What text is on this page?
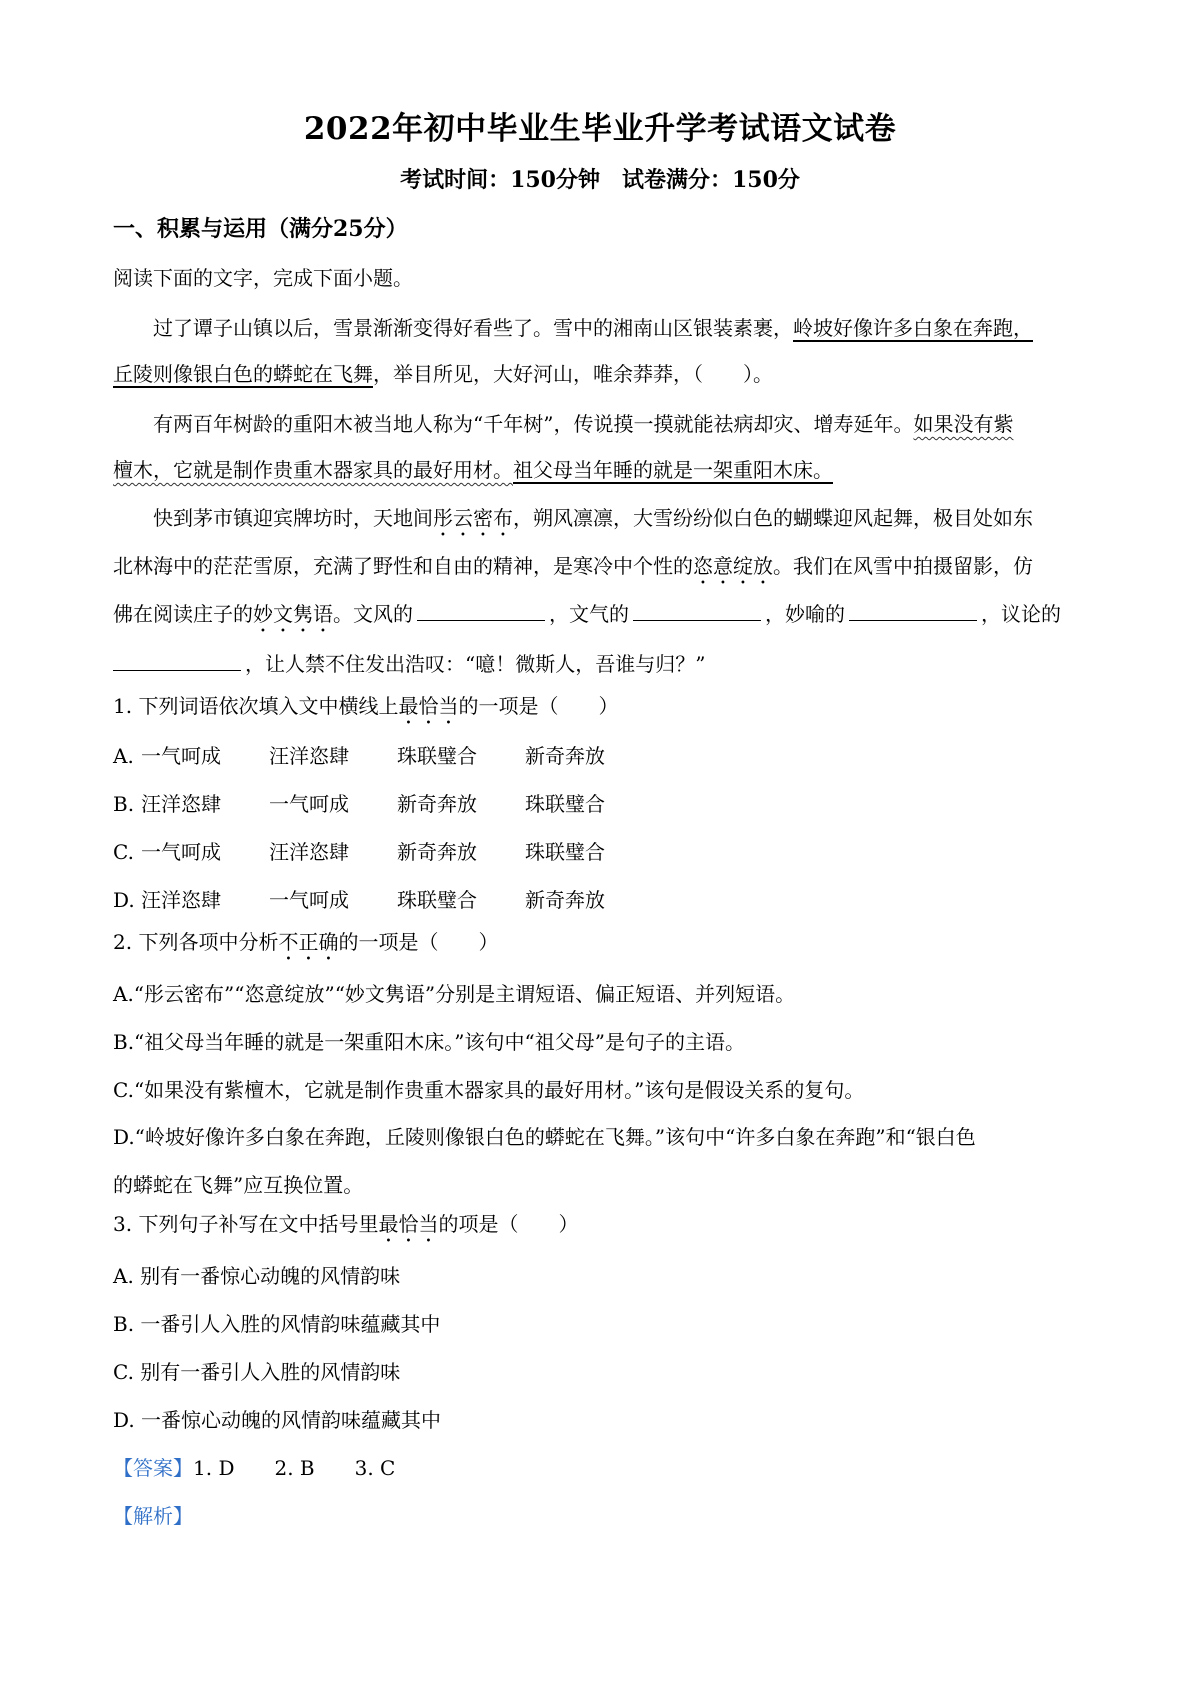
2022年初中毕业生毕业升学考试语文试卷
考试时间：150分钟　试卷满分：150分
一、积累与运用（满分25分）
阅读下面的文字，完成下面小题。
过了谭子山镇以后，雪景渐渐变得好看些了。雪中的湘南山区银装素裹，岭坡好像许多白象在奔跑，
丘陵则像银白色的蟒蛇在飞舞，举目所见，大好河山，唯余莽莽，（　　）。
有两百年树龄的重阳木被当地人称为“千年树”，传说摸一摸就能祛病却灾、增寿延年。如果没有紫
檀木，它就是制作贵重木器家具的最好用材。祖父母当年睡的就是一架重阳木床。
快到茅市镇迎宾牌坊时，天地间彤云密布，朔风凛凛，大雪纷纷似白色的蝴蝶迎风起舞，极目处如东
北林海中的茫茫雪原，充满了野性和自由的精神，是寒冷中个性的恣意绽放。我们在风雪中拍摄留影，仿
佛在阅读庄子的妙文隽语。文风的	，文气的	，妙喻的	，议论的
，让人禁不住发出浩叹：“噫！微斯人，吾谁与归？”
1. 下列词语依次填入文中横线上最恰当的一项是（　　）
A. 一气呵成 汪洋恣肆 珠联璧合 新奇奔放
B. 汪洋恣肆 一气呵成 新奇奔放 珠联璧合
C. 一气呵成 汪洋恣肆 新奇奔放 珠联璧合
D. 汪洋恣肆 一气呵成 珠联璧合 新奇奔放
2. 下列各项中分析不正确的一项是（　　）
A.“彤云密布”“恣意绽放”“妙文隽语”分别是主谓短语、偏正短语、并列短语。
B.“祖父母当年睡的就是一架重阳木床。”该句中“祖父母”是句子的主语。
C.“如果没有紫檀木，它就是制作贵重木器家具的最好用材。”该句是假设关系的复句。
D.“岭坡好像许多白象在奔跑，丘陵则像银白色的蟒蛇在飞舞。”该句中“许多白象在奔跑”和“银白色
的蟒蛇在飞舞”应互换位置。
3. 下列句子补写在文中括号里最恰当的项是（　　）
A. 别有一番惊心动魄的风情韵味
B. 一番引人入胜的风情韵味蕴藏其中
C. 别有一番引人入胜的风情韵味
D. 一番惊心动魄的风情韵味蕴藏其中
【答案】1. D　　2. B　　3. C
【解析】
